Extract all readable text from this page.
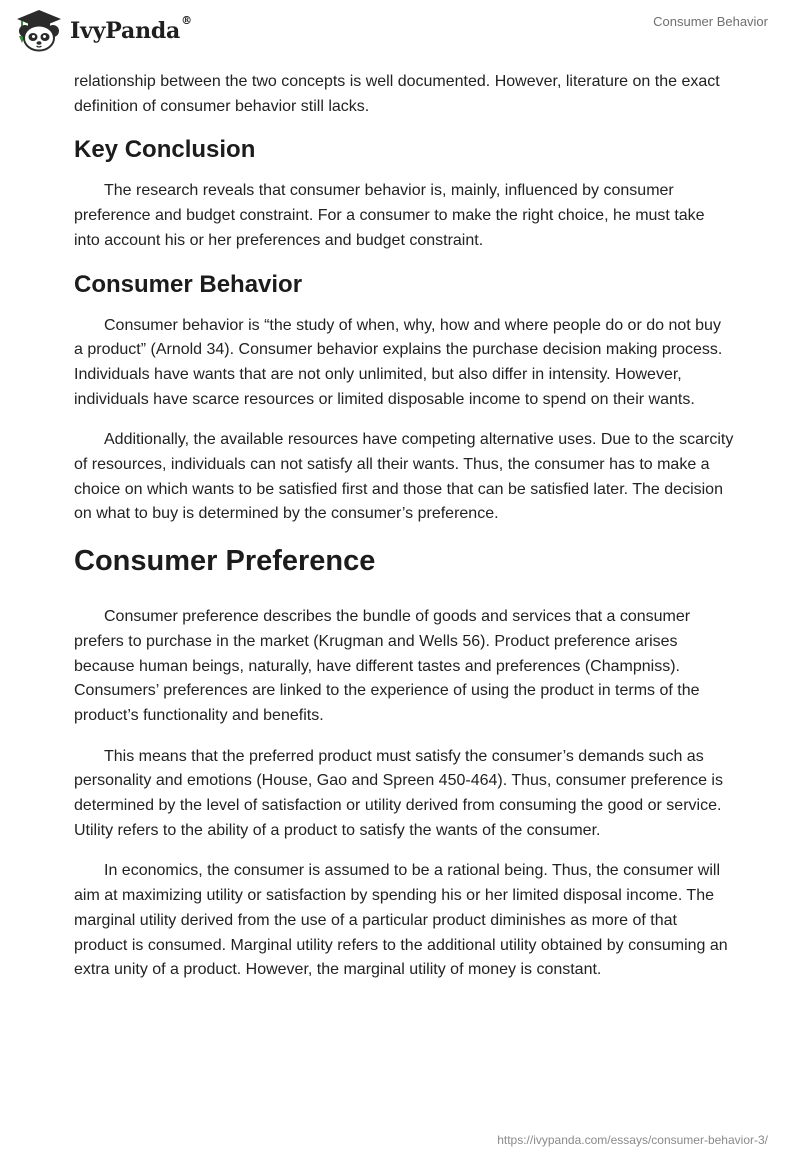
IvyPanda®	Consumer Behavior

relationship between the two concepts is well documented. However, literature on the exact definition of consumer behavior still lacks.

Key Conclusion

The research reveals that consumer behavior is, mainly, influenced by consumer preference and budget constraint. For a consumer to make the right choice, he must take into account his or her preferences and budget constraint.

Consumer Behavior

Consumer behavior is “the study of when, why, how and where people do or do not buy a product” (Arnold 34). Consumer behavior explains the purchase decision making process. Individuals have wants that are not only unlimited, but also differ in intensity. However, individuals have scarce resources or limited disposable income to spend on their wants.

Additionally, the available resources have competing alternative uses. Due to the scarcity of resources, individuals can not satisfy all their wants. Thus, the consumer has to make a choice on which wants to be satisfied first and those that can be satisfied later. The decision on what to buy is determined by the consumer’s preference.

Consumer Preference

Consumer preference describes the bundle of goods and services that a consumer prefers to purchase in the market (Krugman and Wells 56). Product preference arises because human beings, naturally, have different tastes and preferences (Champniss). Consumers’ preferences are linked to the experience of using the product in terms of the product’s functionality and benefits.

This means that the preferred product must satisfy the consumer’s demands such as personality and emotions (House, Gao and Spreen 450-464). Thus, consumer preference is determined by the level of satisfaction or utility derived from consuming the good or service. Utility refers to the ability of a product to satisfy the wants of the consumer.

In economics, the consumer is assumed to be a rational being. Thus, the consumer will aim at maximizing utility or satisfaction by spending his or her limited disposal income. The marginal utility derived from the use of a particular product diminishes as more of that product is consumed. Marginal utility refers to the additional utility obtained by consuming an extra unity of a product. However, the marginal utility of money is constant.

https://ivypanda.com/essays/consumer-behavior-3/
